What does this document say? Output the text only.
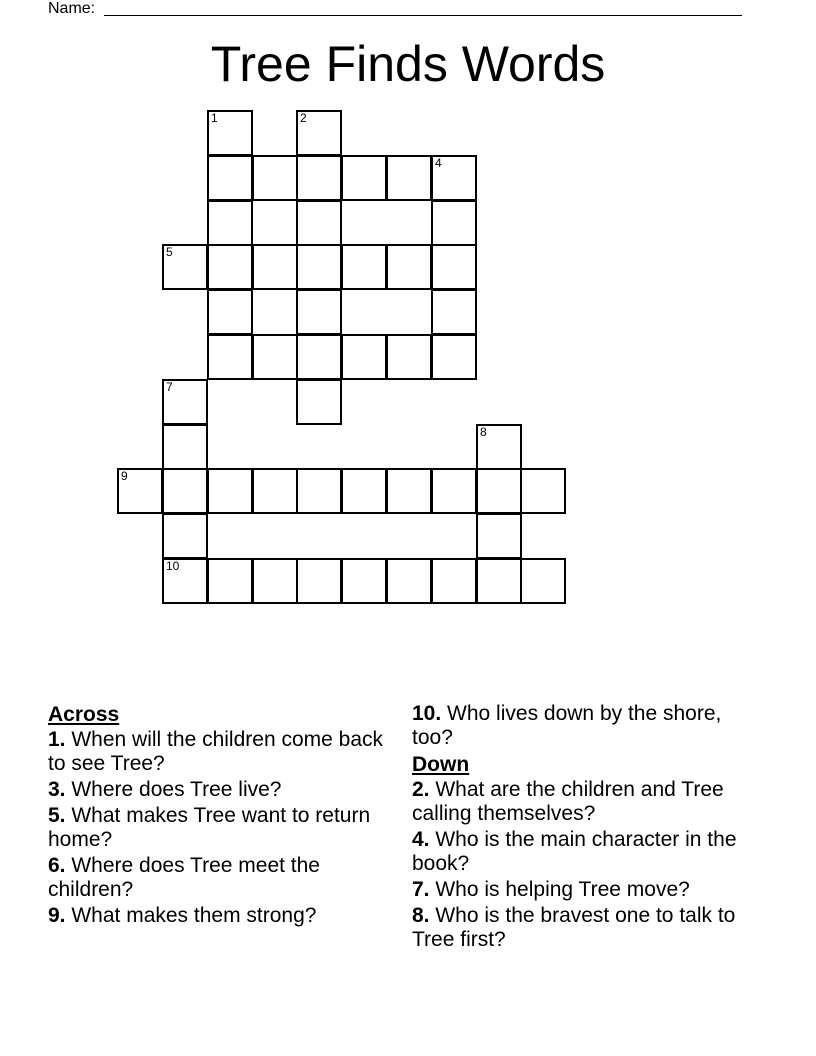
Name:
Tree Finds Words
1	2
4
5
7
8
9
10
Across
1. When will the children come back to see Tree?
3. Where does Tree live?
5. What makes Tree want to return home?
6. Where does Tree meet the children?
9. What makes them strong?
10. Who lives down by the shore, too?
Down
2. What are the children and Tree calling themselves?
4. Who is the main character in the book?
7. Who is helping Tree move?
8. Who is the bravest one to talk to Tree first?
